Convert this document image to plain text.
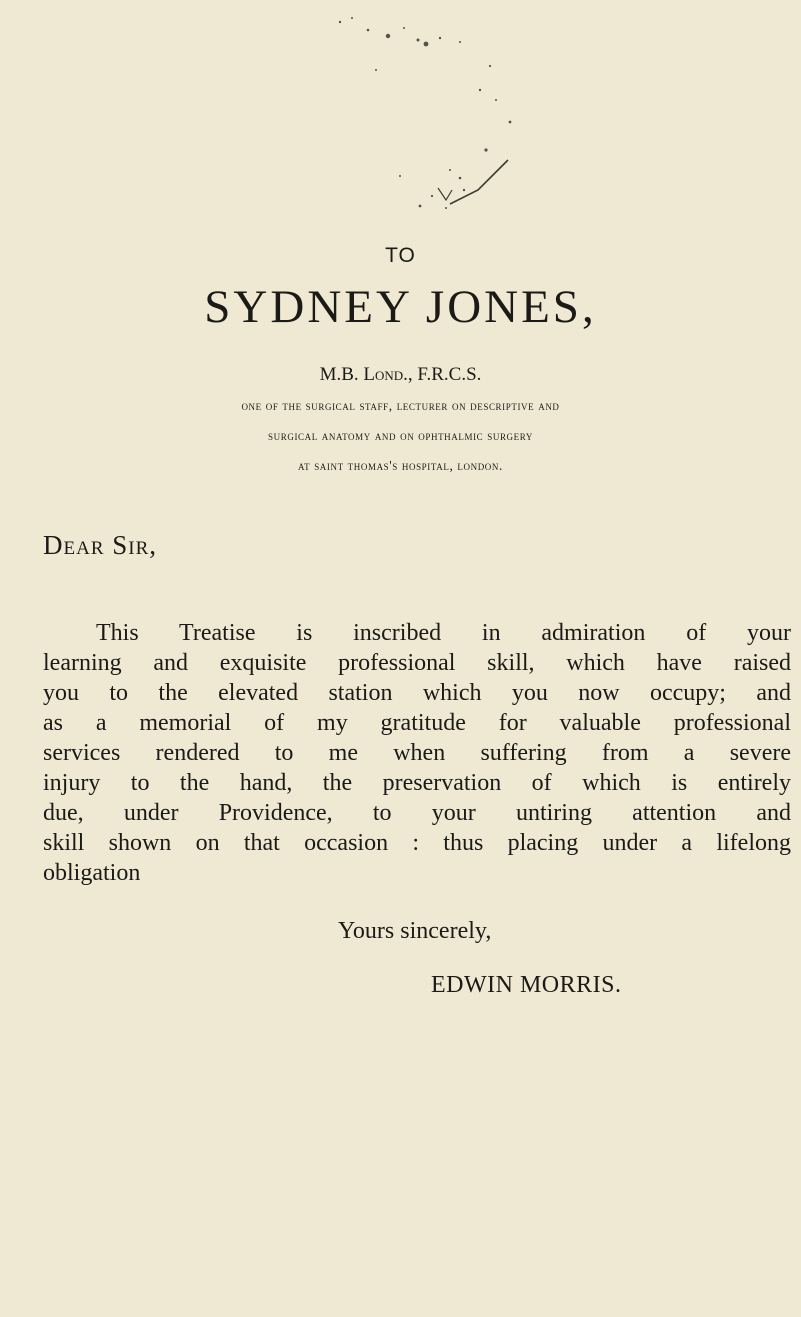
TO
SYDNEY JONES,
M.B. Lond., F.R.C.S.
one of the surgical staff, lecturer on descriptive and
surgical anatomy and on ophthalmic surgery
at saint thomas's hospital, london.
Dear Sir,
This Treatise is inscribed in admiration of your
learning and exquisite professional skill, which have raised
you to the elevated station which you now occupy; and
as a memorial of my gratitude for valuable professional
services rendered to me when suffering from a severe
injury to the hand, the preservation of which is entirely
due, under Providence, to your untiring attention and
skill shown on that occasion : thus placing under a lifelong
obligation
Yours sincerely,
EDWIN MORRIS.
